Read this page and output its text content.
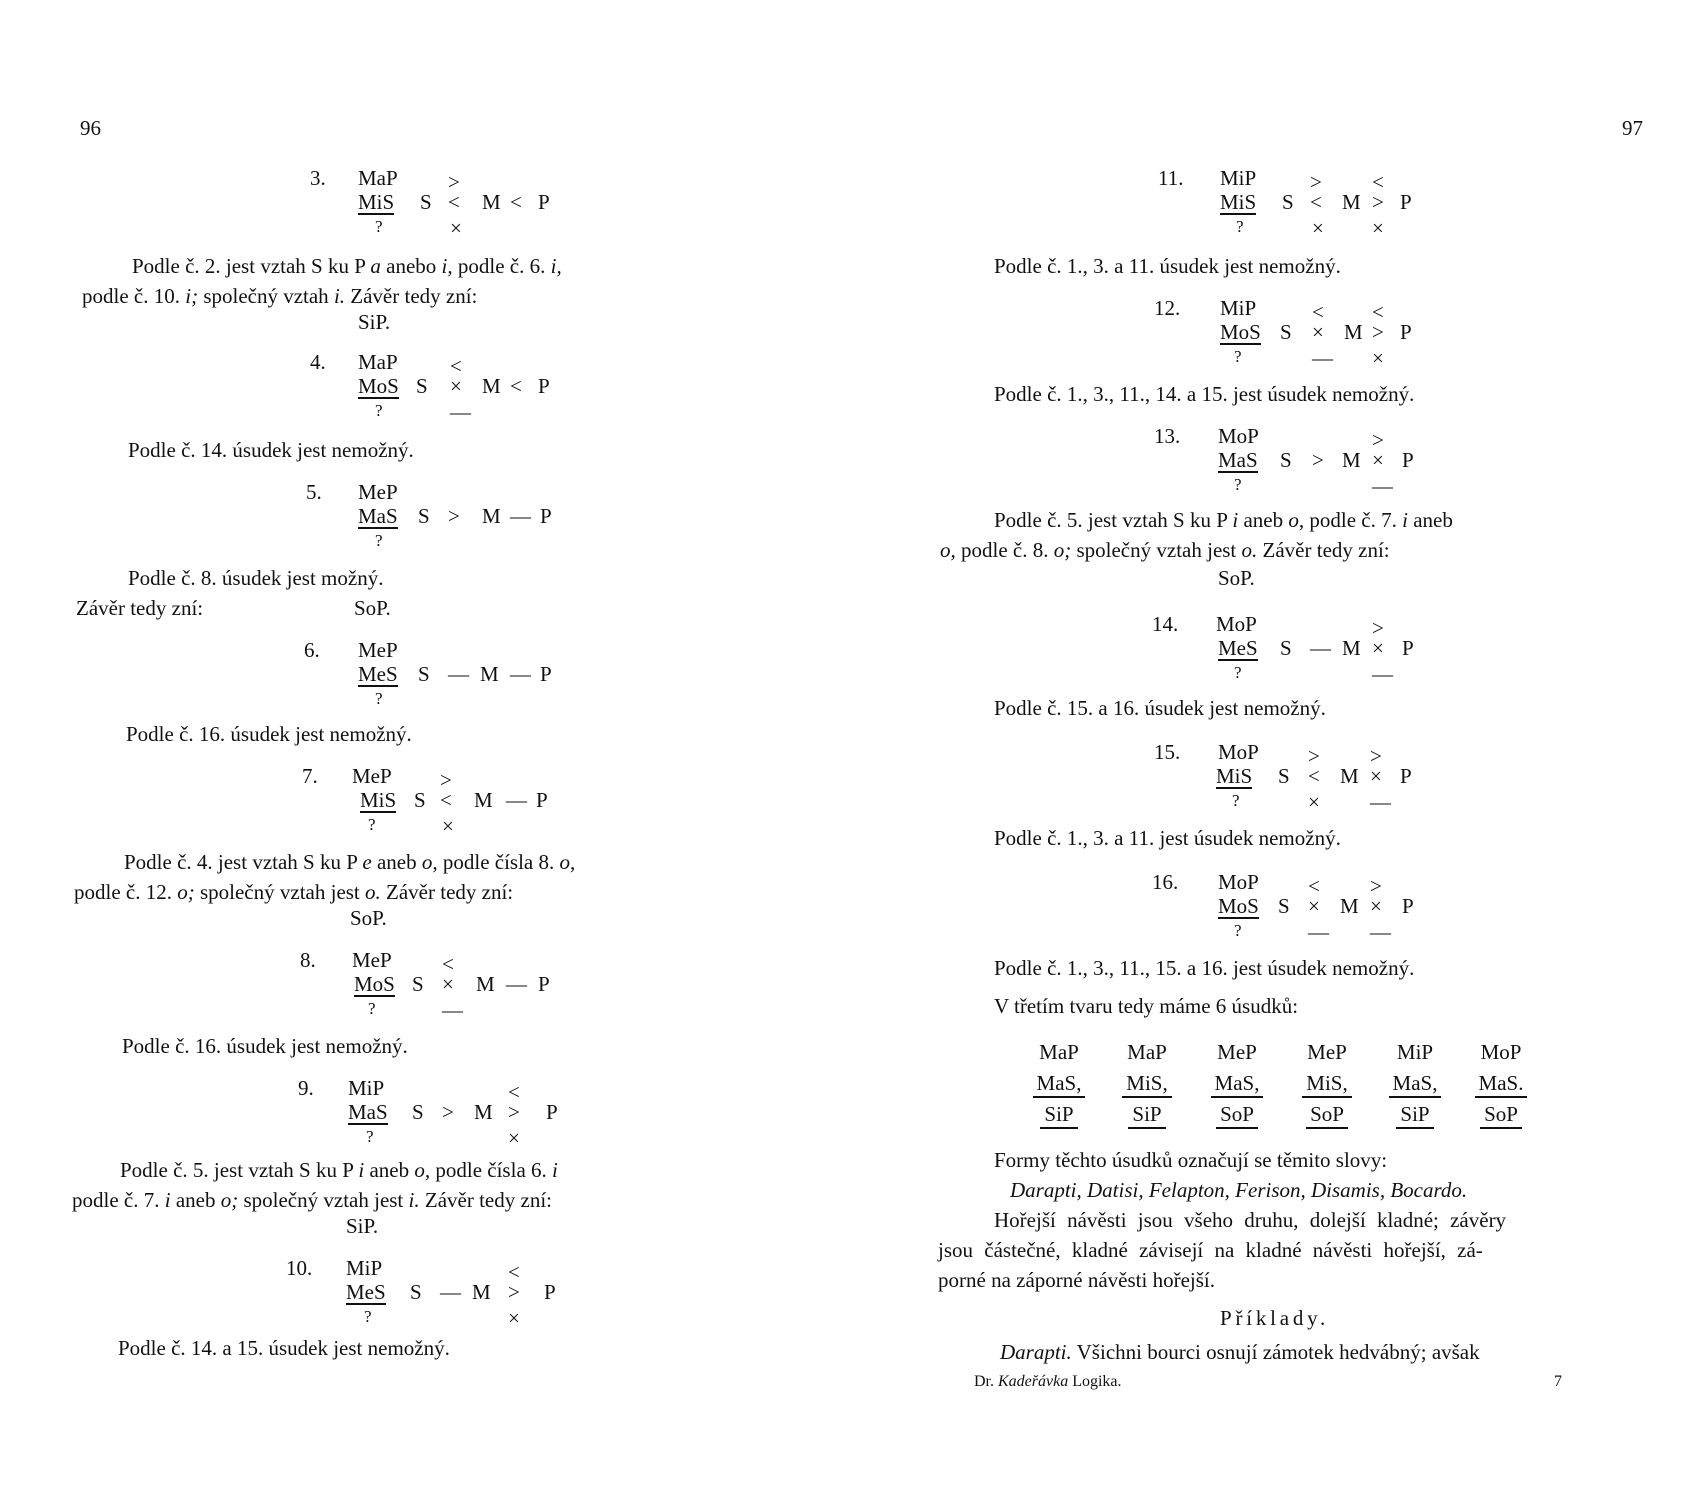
96
3. MaP
MiS
?
S
>
<
×
M < P
Podle č. 2. jest vztah S ku P a anebo i, podle č. 6. i,
podle č. 10. i; společný vztah i. Závěr tedy zní:
SiP.
4. MaP
MoS
?
S
<
×
—
M < P
Podle č. 14. úsudek jest nemožný.
5. MeP
MaS
?
S > M — P
Podle č. 8. úsudek jest možný.
Závěr tedy zní:	SoP.
6. MeP
MeS
?
S — M — P
Podle č. 16. úsudek jest nemožný.
7. MeP
MiS
?
S
>
<
×
M — P
Podle č. 4. jest vztah S ku P e aneb o, podle čísla 8. o,
podle č. 12. o; společný vztah jest o. Závěr tedy zní:
SoP.
8. MeP
MoS
?
S
<
×
—
M — P
Podle č. 16. úsudek jest nemožný.
9. MiP
MaS
?
S > M
<
>
×
P
Podle č. 5. jest vztah S ku P i aneb o, podle čísla 6. i
podle č. 7. i aneb o; společný vztah jest i. Závěr tedy zní:
SiP.
10. MiP
MeS
?
S — M
<
>
×
P
Podle č. 14. a 15. úsudek jest nemožný.
97
11. MiP
MiS
?
S
>
<
×
M
<
>
×
P
Podle č. 1., 3. a 11. úsudek jest nemožný.
12. MiP
MoS
?
S
<
×
—
M
<
>
×
P
Podle č. 1., 3., 11., 14. a 15. jest úsudek nemožný.
13. MoP
MaS
?
S > M
>
×
—
P
Podle č. 5. jest vztah S ku P i aneb o, podle č. 7. i aneb
o, podle č. 8. o; společný vztah jest o. Závěr tedy zní:
SoP.
14. MoP
MeS
?
S — M
>
×
—
P
Podle č. 15. a 16. úsudek jest nemožný.
15. MoP
MiS
?
S
>
<
×
M
>
×
—
P
Podle č. 1., 3. a 11. jest úsudek nemožný.
16. MoP
MoS
?
S
<
×
—
M
>
×
—
P
Podle č. 1., 3., 11., 15. a 16. jest úsudek nemožný.
V třetím tvaru tedy máme 6 úsudků:
MaP
MaS,
SiP
MaP
MiS,
SiP
MeP
MaS,
SoP
MeP
MiS,
SoP
MiP
MaS,
SiP
MoP
MaS.
SoP
Formy těchto úsudků označují se těmito slovy:
Darapti, Datisi, Felapton, Ferison, Disamis, Bocardo.
Hořejší návěsti jsou všeho druhu, dolejší kladné; závěry
jsou částečné, kladné závisejí na kladné návěsti hořejší, zá-
porné na záporné návěsti hořejší.
Příklady.
Darapti. Všichni bourci osnují zámotek hedvábný; avšak
Dr. Kadeřávka Logika.	7
